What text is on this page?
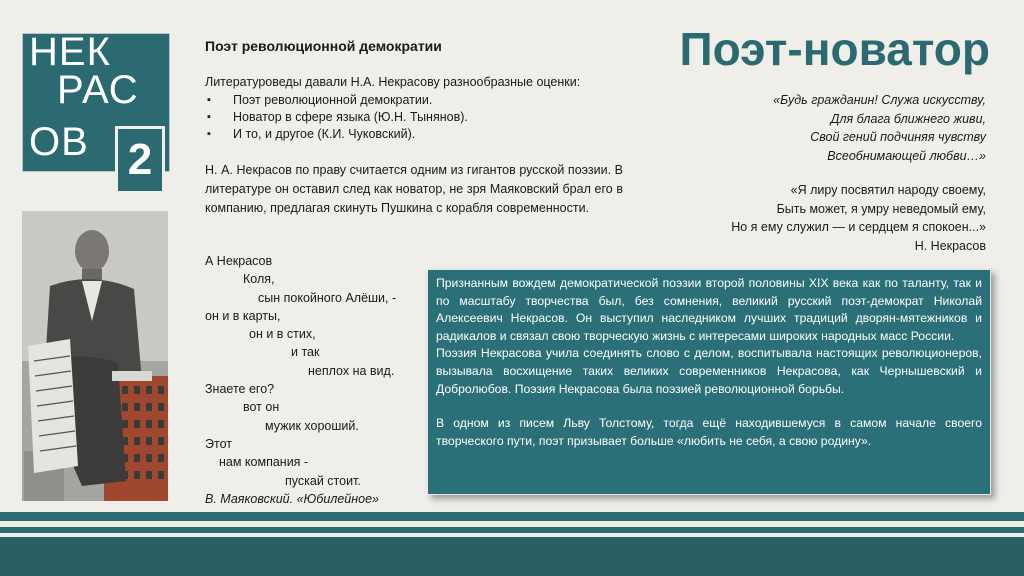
НЕК
РАС
ОВ 2
Поэт революционной демократии
Литературоведы давали Н.А. Некрасову разнообразные оценки:
▪ Поэт революционной демократии.
▪ Новатор в сфере языка (Ю.Н. Тынянов).
▪ И то, и другое (К.И. Чуковский).
Н. А. Некрасов по праву считается одним из гигантов русской поэзии. В литературе он оставил след как новатор, не зря Маяковский брал его в компанию, предлагая скинуть Пушкина с корабля современности.
А Некрасов
Коля,
сын покойного Алёши, -
он и в карты,
он и в стих,
и так
неплох на вид.
Знаете его?
вот он
мужик хороший.
Этот
нам компания -
пускай стоит.
В. Маяковский. «Юбилейное»
Поэт-новатор
«Будь гражданин! Служа искусству,
Для блага ближнего живи,
Свой гений подчиняя чувству
Всеобнимающей любви…»
«Я лиру посвятил народу своему,
Быть может, я умру неведомый ему,
Но я ему служил — и сердцем я спокоен...»
Н. Некрасов

Признанным вождем демократической поэзии второй половины XIX века как по таланту, так и по масштабу творчества был, без сомнения, великий русский поэт-демократ Николай Алексеевич Некрасов. Он выступил наследником лучших традиций дворян-мятежников и радикалов и связал свою творческую жизнь с интересами широких народных масс России.

Поэзия Некрасова учила соединять слово с делом, воспитывала настоящих революционеров, вызывала восхищение таких великих современников Некрасова, как Чернышевский и Добролюбов. Поэзия Некрасова была поэзией революционной борьбы.

В одном из писем Льву Толстому, тогда ещё находившемуся в самом начале своего творческого пути, поэт призывает больше «любить не себя, а свою родину».
